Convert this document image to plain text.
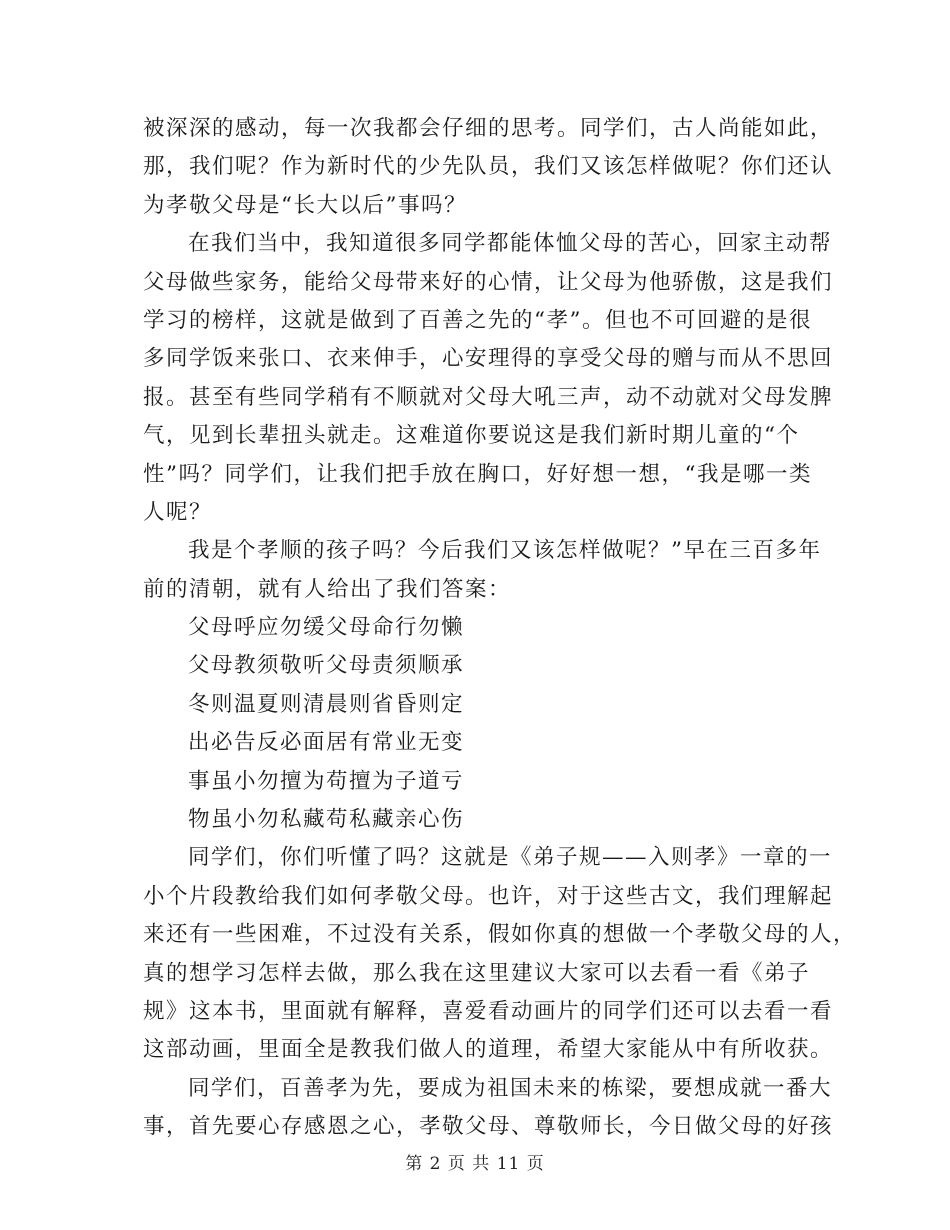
被深深的感动，每一次我都会仔细的思考。同学们，古人尚能如此，
那，我们呢？作为新时代的少先队员，我们又该怎样做呢？你们还认
为孝敬父母是“长大以后”事吗？
在我们当中，我知道很多同学都能体恤父母的苦心，回家主动帮
父母做些家务，能给父母带来好的心情，让父母为他骄傲，这是我们
学习的榜样，这就是做到了百善之先的“孝”。但也不可回避的是很
多同学饭来张口、衣来伸手，心安理得的享受父母的赠与而从不思回
报。甚至有些同学稍有不顺就对父母大吼三声，动不动就对父母发脾
气，见到长辈扭头就走。这难道你要说这是我们新时期儿童的“个
性”吗？同学们，让我们把手放在胸口，好好想一想，“我是哪一类
人呢？
我是个孝顺的孩子吗？今后我们又该怎样做呢？”早在三百多年
前的清朝，就有人给出了我们答案：
父母呼应勿缓父母命行勿懒
父母教须敬听父母责须顺承
冬则温夏则清晨则省昏则定
出必告反必面居有常业无变
事虽小勿擅为苟擅为子道亏
物虽小勿私藏苟私藏亲心伤
同学们，你们听懂了吗？这就是《弟子规——入则孝》一章的一
小个片段教给我们如何孝敬父母。也许，对于这些古文，我们理解起
来还有一些困难，不过没有关系，假如你真的想做一个孝敬父母的人，
真的想学习怎样去做，那么我在这里建议大家可以去看一看《弟子
规》这本书，里面就有解释，喜爱看动画片的同学们还可以去看一看
这部动画，里面全是教我们做人的道理，希望大家能从中有所收获。
同学们，百善孝为先，要成为祖国未来的栋梁，要想成就一番大
事，首先要心存感恩之心，孝敬父母、尊敬师长，今日做父母的好孩
第 2 页 共 11 页
